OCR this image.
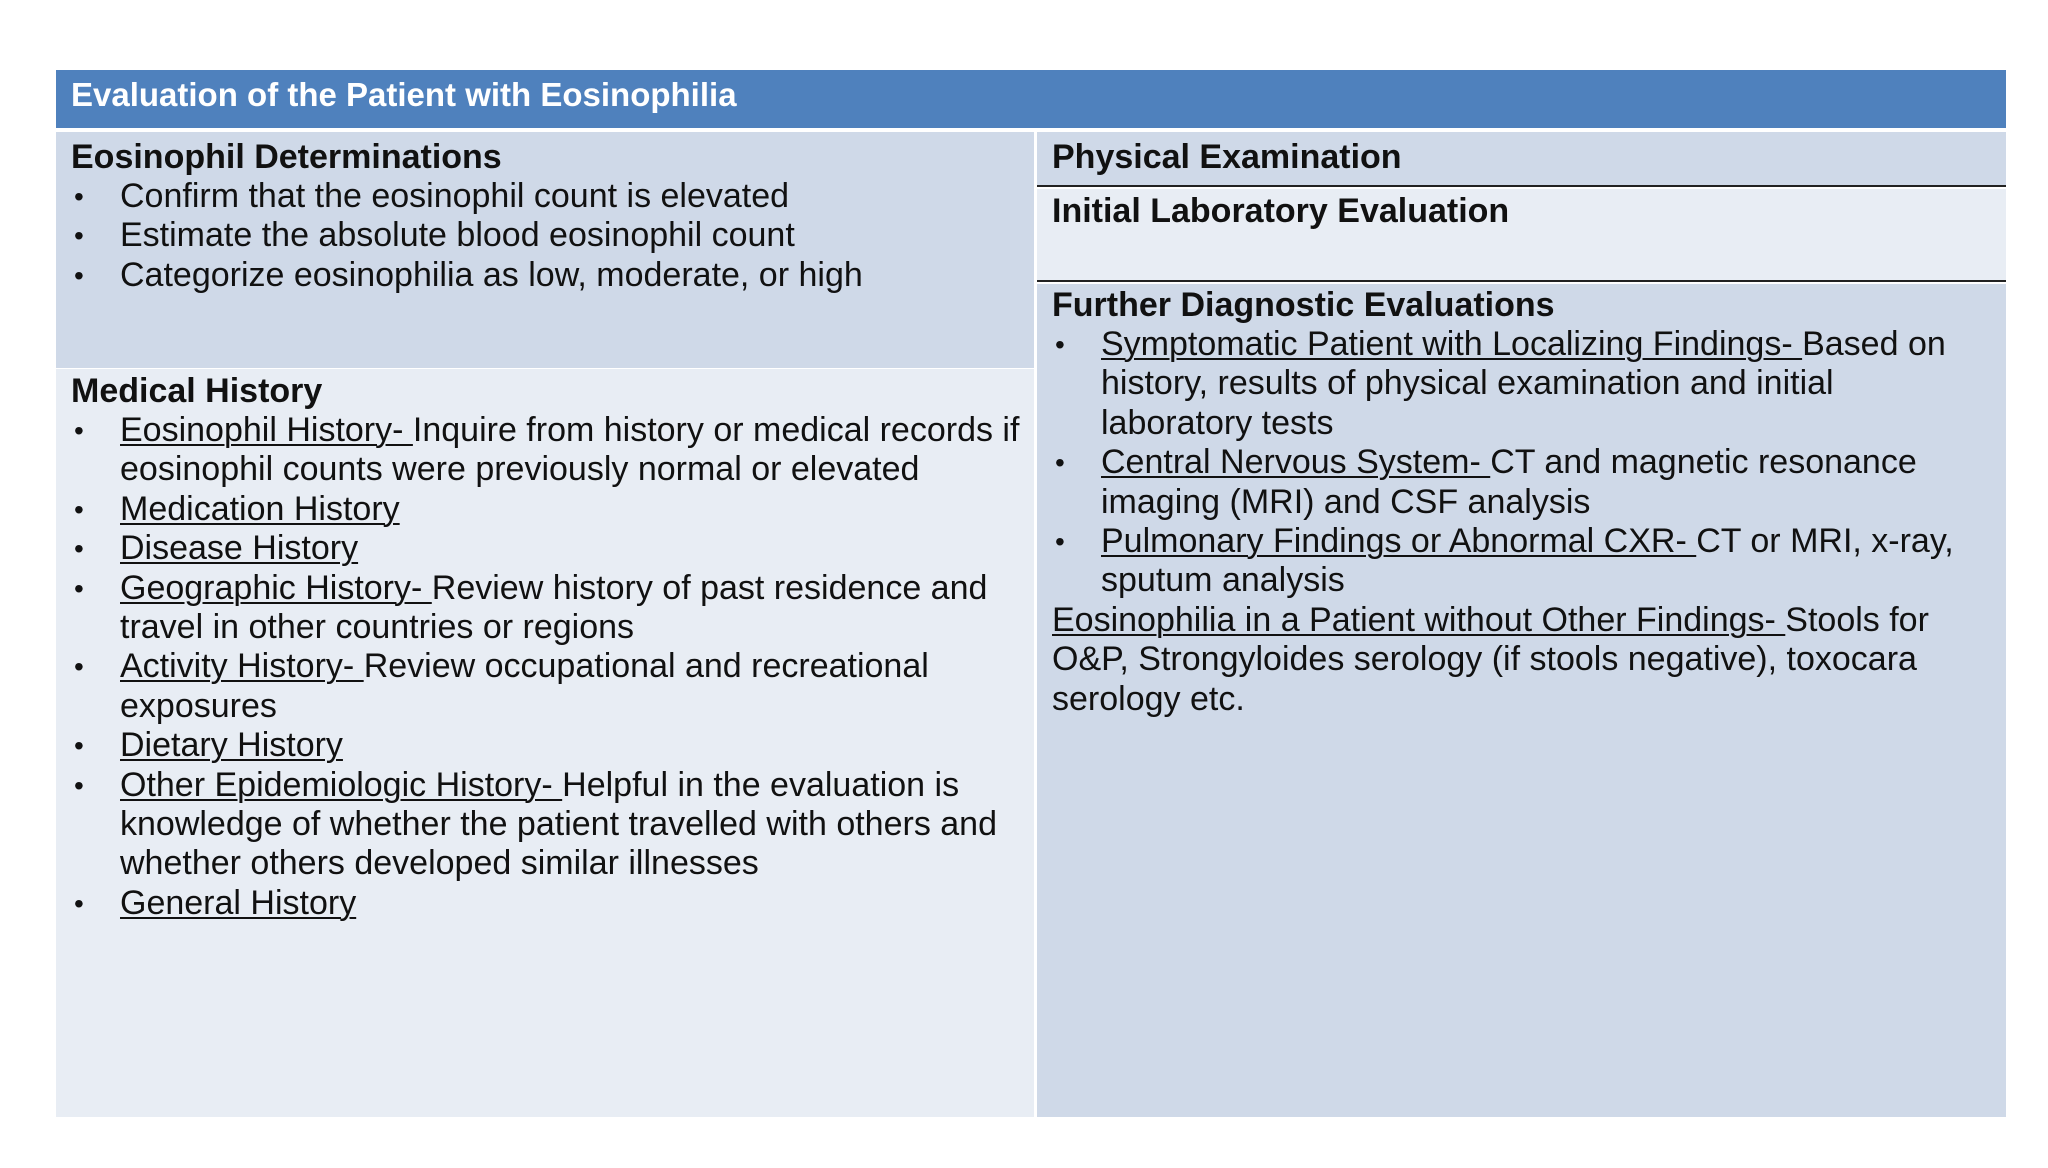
Evaluation of the Patient with Eosinophilia
Eosinophil Determinations
• Confirm that the eosinophil count is elevated
• Estimate the absolute blood eosinophil count
• Categorize eosinophilia as low, moderate, or high
Medical History
• Eosinophil History- Inquire from history or medical records if eosinophil counts were previously normal or elevated
• Medication History
• Disease History
• Geographic History- Review history of past residence and travel in other countries or regions
• Activity History- Review occupational and recreational exposures
• Dietary History
• Other Epidemiologic History- Helpful in the evaluation is knowledge of whether the patient travelled with others and whether others developed similar illnesses
• General History
Physical Examination
Initial Laboratory Evaluation
Further Diagnostic Evaluations
• Symptomatic Patient with Localizing Findings- Based on history, results of physical examination and initial laboratory tests
• Central Nervous System- CT and magnetic resonance imaging (MRI) and CSF analysis
• Pulmonary Findings or Abnormal CXR- CT or MRI, x-ray, sputum analysis
Eosinophilia in a Patient without Other Findings- Stools for O&P, Strongyloides serology (if stools negative), toxocara serology etc.
